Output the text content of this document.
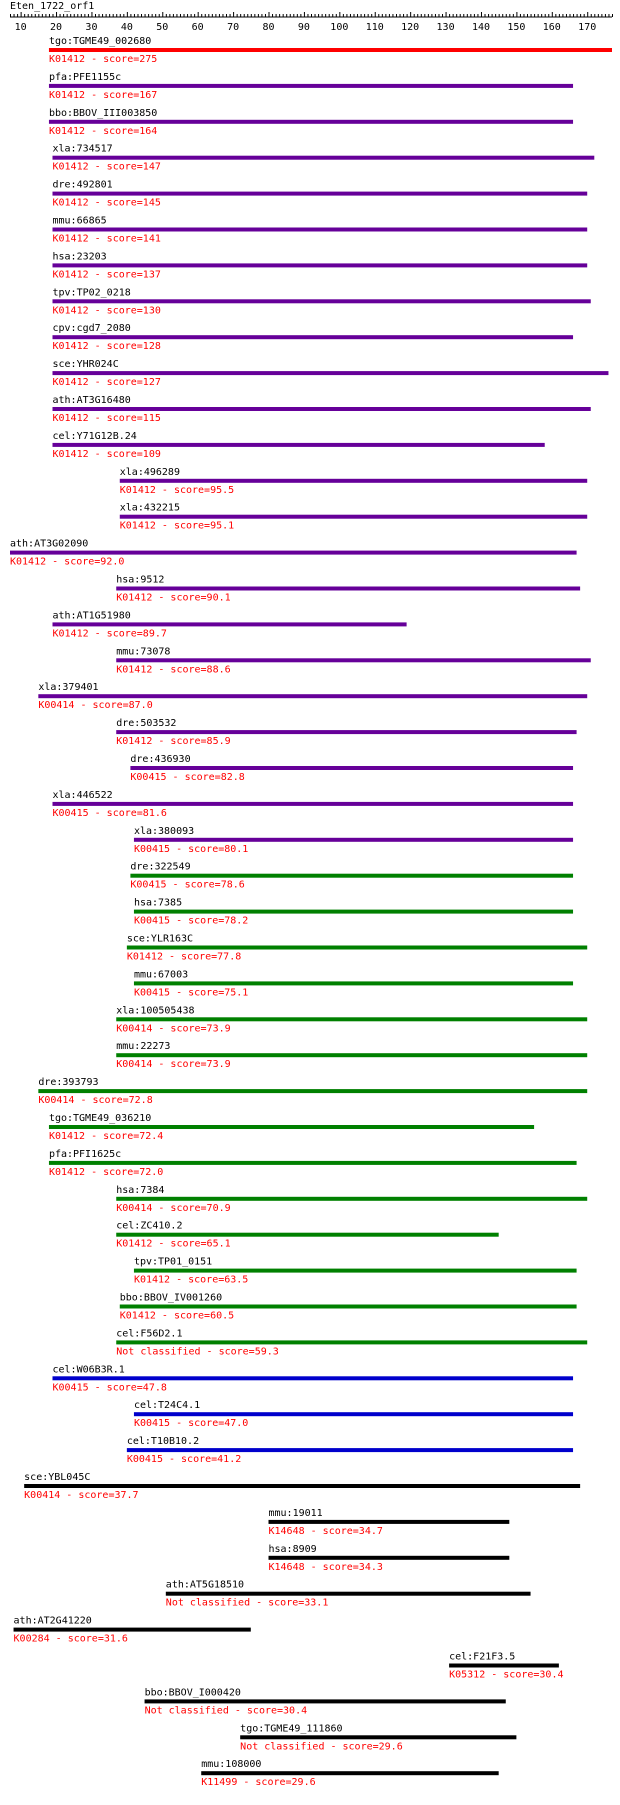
Eten_1722_orf1
10 20 30 40 50 60 70 80 90 100 110 120 130 140 150 160 170
tgo:TGME49_002680
K01412 - score=275
pfa:PFE1155c
K01412 - score=167
bbo:BBOV_III003850
K01412 - score=164
xla:734517
K01412 - score=147
dre:492801
K01412 - score=145
mmu:66865
K01412 - score=141
hsa:23203
K01412 - score=137
tpv:TP02_0218
K01412 - score=130
cpv:cgd7_2080
K01412 - score=128
sce:YHR024C
K01412 - score=127
ath:AT3G16480
K01412 - score=115
cel:Y71G12B.24
K01412 - score=109
xla:496289
K01412 - score=95.5
xla:432215
K01412 - score=95.1
ath:AT3G02090
K01412 - score=92.0
hsa:9512
K01412 - score=90.1
ath:AT1G51980
K01412 - score=89.7
mmu:73078
K01412 - score=88.6
xla:379401
K00414 - score=87.0
dre:503532
K01412 - score=85.9
dre:436930
K00415 - score=82.8
xla:446522
K00415 - score=81.6
xla:380093
K00415 - score=80.1
dre:322549
K00415 - score=78.6
hsa:7385
K00415 - score=78.2
sce:YLR163C
K01412 - score=77.8
mmu:67003
K00415 - score=75.1
xla:100505438
K00414 - score=73.9
mmu:22273
K00414 - score=73.9
dre:393793
K00414 - score=72.8
tgo:TGME49_036210
K01412 - score=72.4
pfa:PFI1625c
K01412 - score=72.0
hsa:7384
K00414 - score=70.9
cel:ZC410.2
K01412 - score=65.1
tpv:TP01_0151
K01412 - score=63.5
bbo:BBOV_IV001260
K01412 - score=60.5
cel:F56D2.1
Not classified - score=59.3
cel:W06B3R.1
K00415 - score=47.8
cel:T24C4.1
K00415 - score=47.0
cel:T10B10.2
K00415 - score=41.2
sce:YBL045C
K00414 - score=37.7
mmu:19011
K14648 - score=34.7
hsa:8909
K14648 - score=34.3
ath:AT5G18510
Not classified - score=33.1
ath:AT2G41220
K00284 - score=31.6
cel:F21F3.5
K05312 - score=30.4
bbo:BBOV_I000420
Not classified - score=30.4
tgo:TGME49_111860
Not classified - score=29.6
mmu:108000
K11499 - score=29.6
